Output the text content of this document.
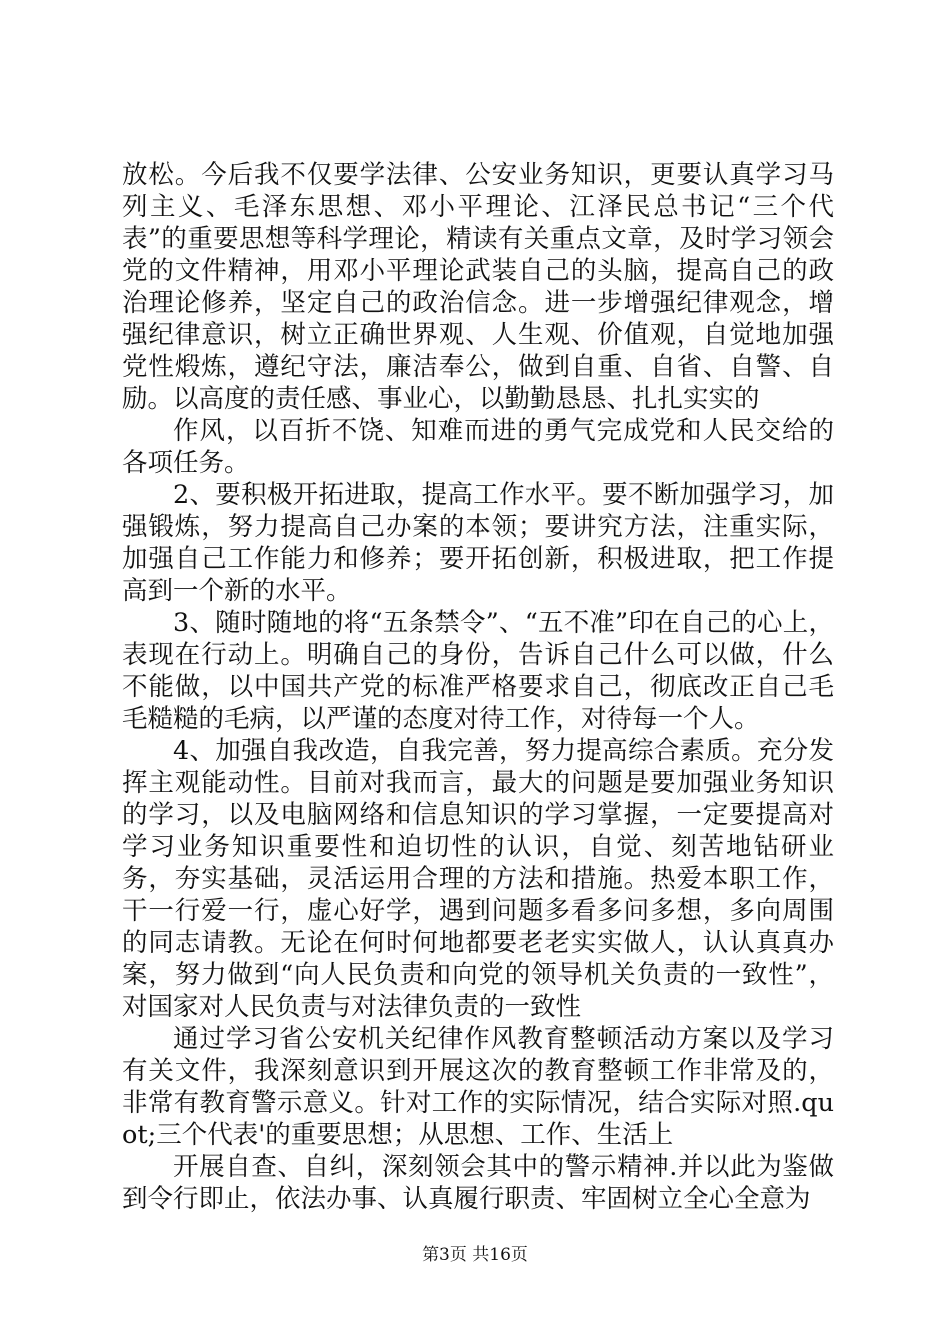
放松。今后我不仅要学法律、公安业务知识，更要认真学习马列主义、毛泽东思想、邓小平理论、江泽民总书记“三个代表”的重要思想等科学理论，精读有关重点文章，及时学习领会党的文件精神，用邓小平理论武装自己的头脑，提高自己的政治理论修养，坚定自己的政治信念。进一步增强纪律观念，增强纪律意识，树立正确世界观、人生观、价值观，自觉地加强党性煅炼，遵纪守法，廉洁奉公，做到自重、自省、自警、自励。以高度的责任感、事业心，以勤勤恳恳、扎扎实实的

作风，以百折不饶、知难而进的勇气完成党和人民交给的各项任务。

2、要积极开拓进取，提高工作水平。要不断加强学习，加强锻炼，努力提高自己办案的本领；要讲究方法，注重实际，加强自己工作能力和修养；要开拓创新，积极进取，把工作提高到一个新的水平。

3、随时随地的将“五条禁令”、“五不准”印在自己的心上，表现在行动上。明确自己的身份，告诉自己什么可以做，什么不能做，以中国共产党的标准严格要求自己，彻底改正自己毛毛糙糙的毛病，以严谨的态度对待工作，对待每一个人。

4、加强自我改造，自我完善，努力提高综合素质。充分发挥主观能动性。目前对我而言，最大的问题是要加强业务知识的学习，以及电脑网络和信息知识的学习掌握，一定要提高对学习业务知识重要性和迫切性的认识，自觉、刻苦地钻研业务，夯实基础，灵活运用合理的方法和措施。热爱本职工作，干一行爱一行，虚心好学，遇到问题多看多问多想，多向周围的同志请教。无论在何时何地都要老老实实做人，认认真真办案，努力做到“向人民负责和向党的领导机关负责的一致性”，对国家对人民负责与对法律负责的一致性

通过学习省公安机关纪律作风教育整顿活动方案以及学习有关文件，我深刻意识到开展这次的教育整顿工作非常及的，非常有教育警示意义。针对工作的实际情况，结合实际对照.quot;三个代表'的重要思想；从思想、工作、生活上

开展自查、自纠，深刻领会其中的警示精神.并以此为鉴做到令行即止，依法办事、认真履行职责、牢固树立全心全意为

第3页 共16页
